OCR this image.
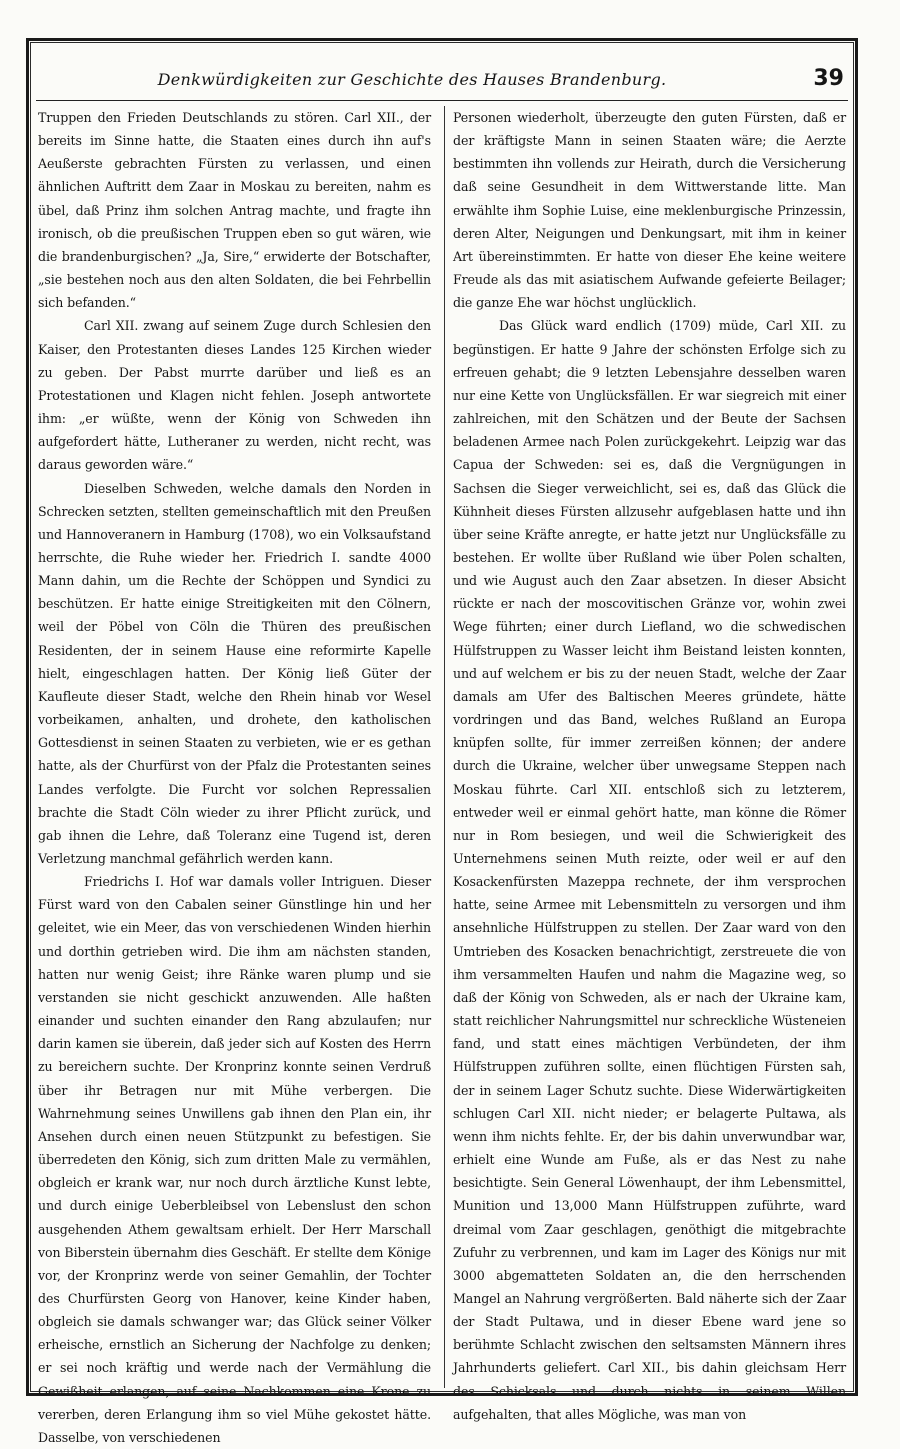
Denkwürdigkeiten zur Geschichte des Hauses Brandenburg.	39

Truppen den Frieden Deutschlands zu stören. Carl XII., der bereits im Sinne hatte, die Staaten eines durch ihn auf's Aeußerste gebrachten Fürsten zu verlassen, und einen ähnlichen Auftritt dem Zaar in Moskau zu bereiten, nahm es übel, daß Prinz ihm solchen Antrag machte, und fragte ihn ironisch, ob die preußischen Truppen eben so gut wären, wie die brandenburgischen? „Ja, Sire,“ erwiderte der Botschafter, „sie bestehen noch aus den alten Soldaten, die bei Fehrbellin sich befanden.“

Carl XII. zwang auf seinem Zuge durch Schlesien den Kaiser, den Protestanten dieses Landes 125 Kirchen wieder zu geben. Der Pabst murrte darüber und ließ es an Protestationen und Klagen nicht fehlen. Joseph antwortete ihm: „er wüßte, wenn der König von Schweden ihn aufgefordert hätte, Lutheraner zu werden, nicht recht, was daraus geworden wäre.“

Dieselben Schweden, welche damals den Norden in Schrecken setzten, stellten gemeinschaftlich mit den Preußen und Hannoveranern in Hamburg (1708), wo ein Volksaufstand herrschte, die Ruhe wieder her. Friedrich I. sandte 4000 Mann dahin, um die Rechte der Schöppen und Syndici zu beschützen. Er hatte einige Streitigkeiten mit den Cölnern, weil der Pöbel von Cöln die Thüren des preußischen Residenten, der in seinem Hause eine reformirte Kapelle hielt, eingeschlagen hatten. Der König ließ Güter der Kaufleute dieser Stadt, welche den Rhein hinab vor Wesel vorbeikamen, anhalten, und drohete, den katholischen Gottesdienst in seinen Staaten zu verbieten, wie er es gethan hatte, als der Churfürst von der Pfalz die Protestanten seines Landes verfolgte. Die Furcht vor solchen Repressalien brachte die Stadt Cöln wieder zu ihrer Pflicht zurück, und gab ihnen die Lehre, daß Toleranz eine Tugend ist, deren Verletzung manchmal gefährlich werden kann.

Friedrichs I. Hof war damals voller Intriguen. Dieser Fürst ward von den Cabalen seiner Günstlinge hin und her geleitet, wie ein Meer, das von verschiedenen Winden hierhin und dorthin getrieben wird. Die ihm am nächsten standen, hatten nur wenig Geist; ihre Ränke waren plump und sie verstanden sie nicht geschickt anzuwenden. Alle haßten einander und suchten einander den Rang abzulaufen; nur darin kamen sie überein, daß jeder sich auf Kosten des Herrn zu bereichern suchte. Der Kronprinz konnte seinen Verdruß über ihr Betragen nur mit Mühe verbergen. Die Wahrnehmung seines Unwillens gab ihnen den Plan ein, ihr Ansehen durch einen neuen Stützpunkt zu befestigen. Sie überredeten den König, sich zum dritten Male zu vermählen, obgleich er krank war, nur noch durch ärztliche Kunst lebte, und durch einige Ueberbleibsel von Lebenslust den schon ausgehenden Athem gewaltsam erhielt. Der Herr Marschall von Biberstein übernahm dies Geschäft. Er stellte dem Könige vor, der Kronprinz werde von seiner Gemahlin, der Tochter des Churfürsten Georg von Hanover, keine Kinder haben, obgleich sie damals schwanger war; das Glück seiner Völker erheische, ernstlich an Sicherung der Nachfolge zu denken; er sei noch kräftig und werde nach der Vermählung die Gewißheit erlangen, auf seine Nachkommen eine Krone zu vererben, deren Erlangung ihm so viel Mühe gekostet hätte. Dasselbe, von verschiedenen

Personen wiederholt, überzeugte den guten Fürsten, daß er der kräftigste Mann in seinen Staaten wäre; die Aerzte bestimmten ihn vollends zur Heirath, durch die Versicherung daß seine Gesundheit in dem Wittwerstande litte. Man erwählte ihm Sophie Luise, eine meklenburgische Prinzessin, deren Alter, Neigungen und Denkungsart, mit ihm in keiner Art übereinstimmten. Er hatte von dieser Ehe keine weitere Freude als das mit asiatischem Aufwande gefeierte Beilager; die ganze Ehe war höchst unglücklich.

Das Glück ward endlich (1709) müde, Carl XII. zu begünstigen. Er hatte 9 Jahre der schönsten Erfolge sich zu erfreuen gehabt; die 9 letzten Lebensjahre desselben waren nur eine Kette von Unglücksfällen. Er war siegreich mit einer zahlreichen, mit den Schätzen und der Beute der Sachsen beladenen Armee nach Polen zurückgekehrt. Leipzig war das Capua der Schweden: sei es, daß die Vergnügungen in Sachsen die Sieger verweichlicht, sei es, daß das Glück die Kühnheit dieses Fürsten allzusehr aufgeblasen hatte und ihn über seine Kräfte anregte, er hatte jetzt nur Unglücksfälle zu bestehen. Er wollte über Rußland wie über Polen schalten, und wie August auch den Zaar absetzen. In dieser Absicht rückte er nach der moscovitischen Gränze vor, wohin zwei Wege führten; einer durch Liefland, wo die schwedischen Hülfstruppen zu Wasser leicht ihm Beistand leisten konnten, und auf welchem er bis zu der neuen Stadt, welche der Zaar damals am Ufer des Baltischen Meeres gründete, hätte vordringen und das Band, welches Rußland an Europa knüpfen sollte, für immer zerreißen können; der andere durch die Ukraine, welcher über unwegsame Steppen nach Moskau führte. Carl XII. entschloß sich zu letzterem, entweder weil er einmal gehört hatte, man könne die Römer nur in Rom besiegen, und weil die Schwierigkeit des Unternehmens seinen Muth reizte, oder weil er auf den Kosackenfürsten Mazeppa rechnete, der ihm versprochen hatte, seine Armee mit Lebensmitteln zu versorgen und ihm ansehnliche Hülfstruppen zu stellen. Der Zaar ward von den Umtrieben des Kosacken benachrichtigt, zerstreuete die von ihm versammelten Haufen und nahm die Magazine weg, so daß der König von Schweden, als er nach der Ukraine kam, statt reichlicher Nahrungsmittel nur schreckliche Wüsteneien fand, und statt eines mächtigen Verbündeten, der ihm Hülfstruppen zuführen sollte, einen flüchtigen Fürsten sah, der in seinem Lager Schutz suchte. Diese Widerwärtigkeiten schlugen Carl XII. nicht nieder; er belagerte Pultawa, als wenn ihm nichts fehlte. Er, der bis dahin unverwundbar war, erhielt eine Wunde am Fuße, als er das Nest zu nahe besichtigte. Sein General Löwenhaupt, der ihm Lebensmittel, Munition und 13,000 Mann Hülfstruppen zuführte, ward dreimal vom Zaar geschlagen, genöthigt die mitgebrachte Zufuhr zu verbrennen, und kam im Lager des Königs nur mit 3000 abgematteten Soldaten an, die den herrschenden Mangel an Nahrung vergrößerten. Bald näherte sich der Zaar der Stadt Pultawa, und in dieser Ebene ward jene so berühmte Schlacht zwischen den seltsamsten Männern ihres Jahrhunderts geliefert. Carl XII., bis dahin gleichsam Herr des Schicksals und durch nichts in seinem Willen aufgehalten, that alles Mögliche, was man von
